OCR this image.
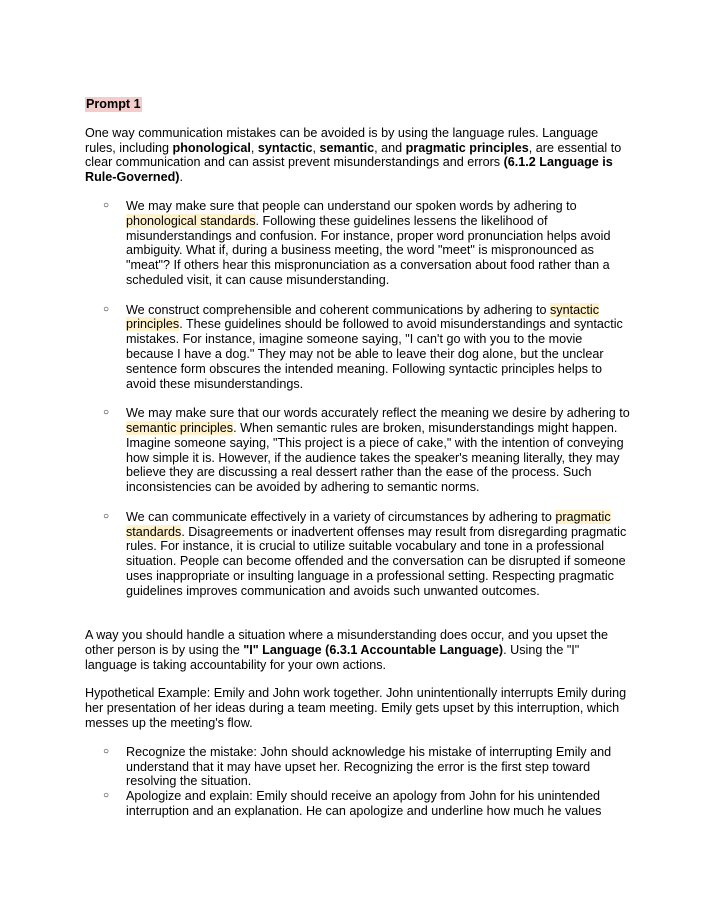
Prompt 1

One way communication mistakes can be avoided is by using the language rules. Language rules, including phonological, syntactic, semantic, and pragmatic principles, are essential to clear communication and can assist prevent misunderstandings and errors (6.1.2 Language is Rule-Governed).

○ We may make sure that people can understand our spoken words by adhering to phonological standards. Following these guidelines lessens the likelihood of misunderstandings and confusion. For instance, proper word pronunciation helps avoid ambiguity. What if, during a business meeting, the word "meet" is mispronounced as "meat"? If others hear this mispronunciation as a conversation about food rather than a scheduled visit, it can cause misunderstanding.
○ We construct comprehensible and coherent communications by adhering to syntactic principles. These guidelines should be followed to avoid misunderstandings and syntactic mistakes. For instance, imagine someone saying, "I can't go with you to the movie because I have a dog." They may not be able to leave their dog alone, but the unclear sentence form obscures the intended meaning. Following syntactic principles helps to avoid these misunderstandings.
○ We may make sure that our words accurately reflect the meaning we desire by adhering to semantic principles. When semantic rules are broken, misunderstandings might happen. Imagine someone saying, "This project is a piece of cake," with the intention of conveying how simple it is. However, if the audience takes the speaker's meaning literally, they may believe they are discussing a real dessert rather than the ease of the process. Such inconsistencies can be avoided by adhering to semantic norms.
○ We can communicate effectively in a variety of circumstances by adhering to pragmatic standards. Disagreements or inadvertent offenses may result from disregarding pragmatic rules. For instance, it is crucial to utilize suitable vocabulary and tone in a professional situation. People can become offended and the conversation can be disrupted if someone uses inappropriate or insulting language in a professional setting. Respecting pragmatic guidelines improves communication and avoids such unwanted outcomes.

A way you should handle a situation where a misunderstanding does occur, and you upset the other person is by using the "I" Language (6.3.1 Accountable Language). Using the "I" language is taking accountability for your own actions.

Hypothetical Example: Emily and John work together. John unintentionally interrupts Emily during her presentation of her ideas during a team meeting. Emily gets upset by this interruption, which messes up the meeting's flow.

○ Recognize the mistake: John should acknowledge his mistake of interrupting Emily and understand that it may have upset her. Recognizing the error is the first step toward resolving the situation.
○ Apologize and explain: Emily should receive an apology from John for his unintended interruption and an explanation. He can apologize and underline how much he values
